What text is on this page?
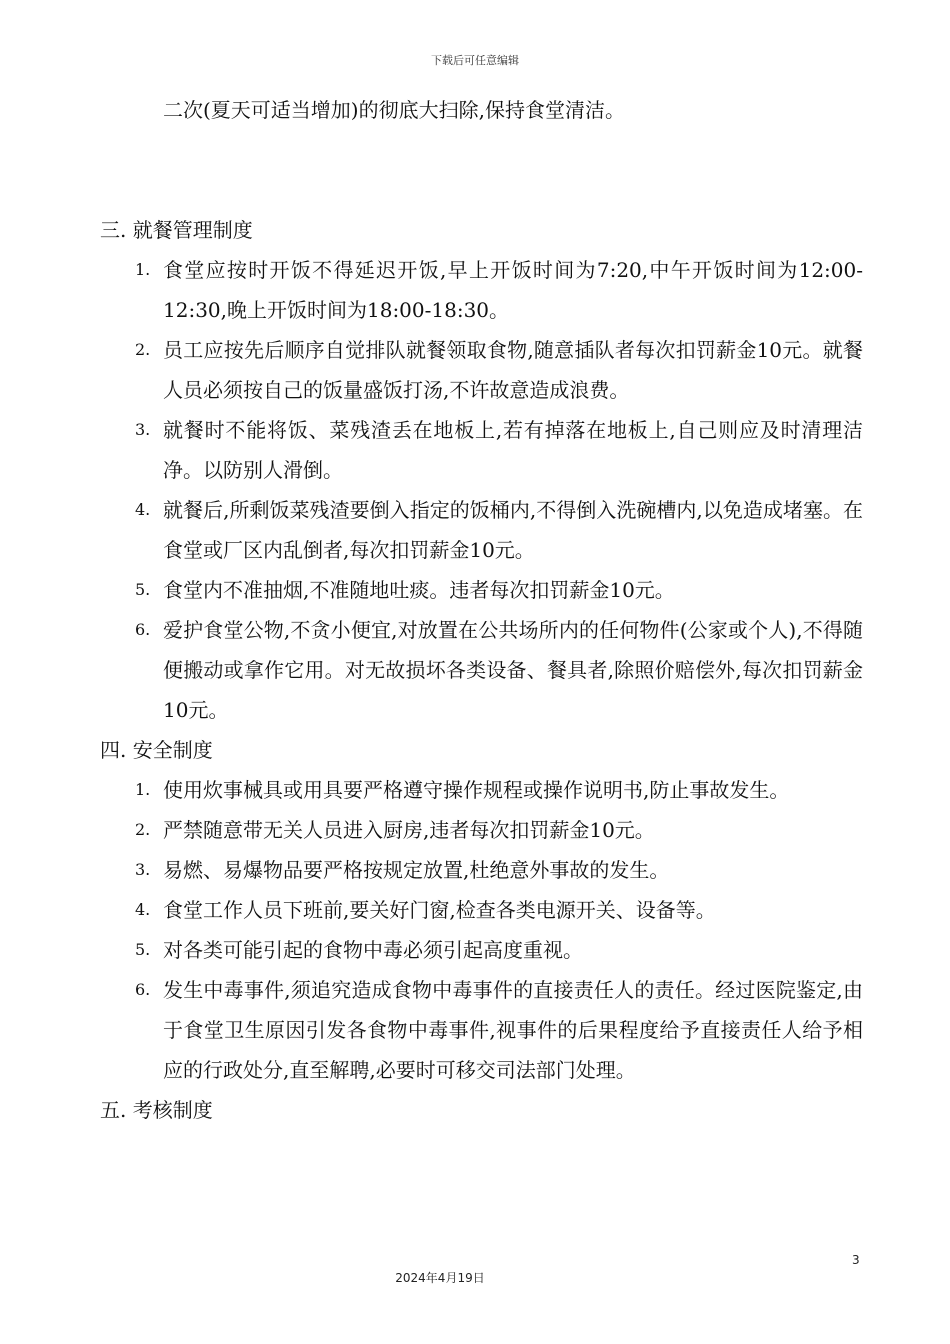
下载后可任意编辑
二次(夏天可适当增加)的彻底大扫除,保持食堂清洁。
三. 就餐管理制度
1. 食堂应按时开饭不得延迟开饭,早上开饭时间为7:20,中午开饭时间为12:00-12:30,晚上开饭时间为18:00-18:30。
2. 员工应按先后顺序自觉排队就餐领取食物,随意插队者每次扣罚薪金10元。就餐人员必须按自己的饭量盛饭打汤,不许故意造成浪费。
3. 就餐时不能将饭、菜残渣丢在地板上,若有掉落在地板上,自己则应及时清理洁净。以防别人滑倒。
4. 就餐后,所剩饭菜残渣要倒入指定的饭桶内,不得倒入洗碗槽内,以免造成堵塞。在食堂或厂区内乱倒者,每次扣罚薪金10元。
5. 食堂内不准抽烟,不准随地吐痰。违者每次扣罚薪金10元。
6. 爱护食堂公物,不贪小便宜,对放置在公共场所内的任何物件(公家或个人),不得随便搬动或拿作它用。对无故损坏各类设备、餐具者,除照价赔偿外,每次扣罚薪金10元。
四. 安全制度
1. 使用炊事械具或用具要严格遵守操作规程或操作说明书,防止事故发生。
2. 严禁随意带无关人员进入厨房,违者每次扣罚薪金10元。
3. 易燃、易爆物品要严格按规定放置,杜绝意外事故的发生。
4. 食堂工作人员下班前,要关好门窗,检查各类电源开关、设备等。
5. 对各类可能引起的食物中毒必须引起高度重视。
6. 发生中毒事件,须追究造成食物中毒事件的直接责任人的责任。经过医院鉴定,由于食堂卫生原因引发各食物中毒事件,视事件的后果程度给予直接责任人给予相应的行政处分,直至解聘,必要时可移交司法部门处理。
五. 考核制度
3
2024年4月19日
